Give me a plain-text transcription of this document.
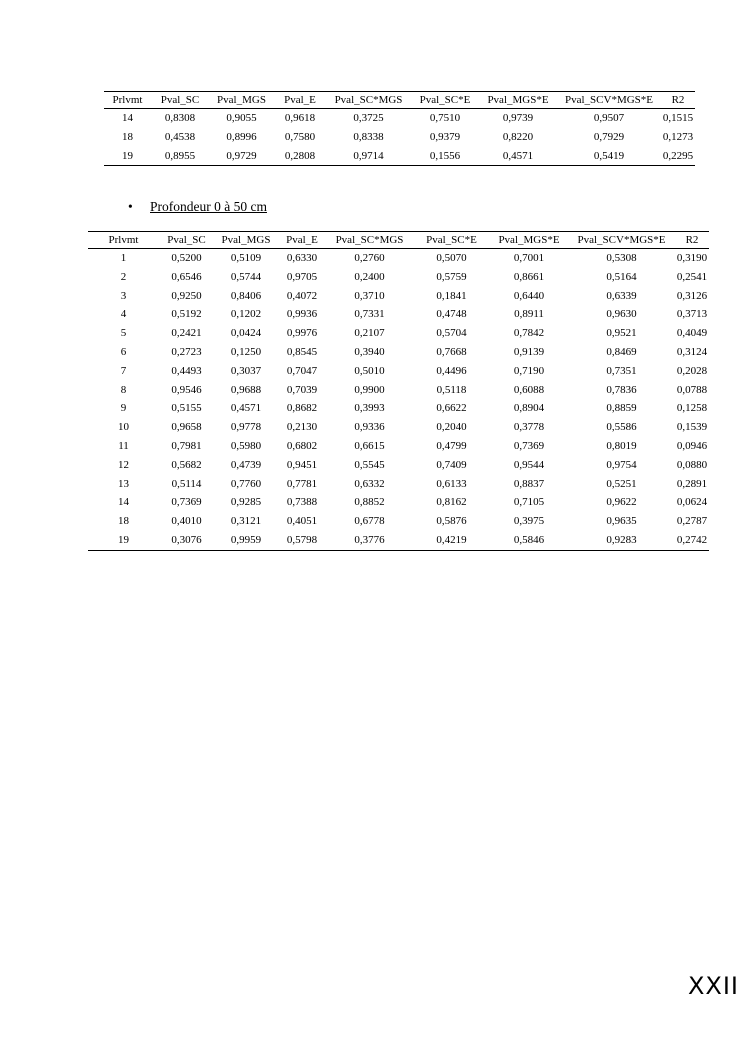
Prlvmt	Pval_SC	Pval_MGS	Pval_E	Pval_SC*MGS	Pval_SC*E	Pval_MGS*E	Pval_SCV*MGS*E	R2
14	0,8308	0,9055	0,9618	0,3725	0,7510	0,9739	0,9507	0,1515
18	0,4538	0,8996	0,7580	0,8338	0,9379	0,8220	0,7929	0,1273
19	0,8955	0,9729	0,2808	0,9714	0,1556	0,4571	0,5419	0,2295
• Profondeur 0 à 50 cm
Prlvmt	Pval_SC	Pval_MGS	Pval_E	Pval_SC*MGS	Pval_SC*E	Pval_MGS*E	Pval_SCV*MGS*E	R2
1	0,5200	0,5109	0,6330	0,2760	0,5070	0,7001	0,5308	0,3190
2	0,6546	0,5744	0,9705	0,2400	0,5759	0,8661	0,5164	0,2541
3	0,9250	0,8406	0,4072	0,3710	0,1841	0,6440	0,6339	0,3126
4	0,5192	0,1202	0,9936	0,7331	0,4748	0,8911	0,9630	0,3713
5	0,2421	0,0424	0,9976	0,2107	0,5704	0,7842	0,9521	0,4049
6	0,2723	0,1250	0,8545	0,3940	0,7668	0,9139	0,8469	0,3124
7	0,4493	0,3037	0,7047	0,5010	0,4496	0,7190	0,7351	0,2028
8	0,9546	0,9688	0,7039	0,9900	0,5118	0,6088	0,7836	0,0788
9	0,5155	0,4571	0,8682	0,3993	0,6622	0,8904	0,8859	0,1258
10	0,9658	0,9778	0,2130	0,9336	0,2040	0,3778	0,5586	0,1539
11	0,7981	0,5980	0,6802	0,6615	0,4799	0,7369	0,8019	0,0946
12	0,5682	0,4739	0,9451	0,5545	0,7409	0,9544	0,9754	0,0880
13	0,5114	0,7760	0,7781	0,6332	0,6133	0,8837	0,5251	0,2891
14	0,7369	0,9285	0,7388	0,8852	0,8162	0,7105	0,9622	0,0624
18	0,4010	0,3121	0,4051	0,6778	0,5876	0,3975	0,9635	0,2787
19	0,3076	0,9959	0,5798	0,3776	0,4219	0,5846	0,9283	0,2742
XXII
